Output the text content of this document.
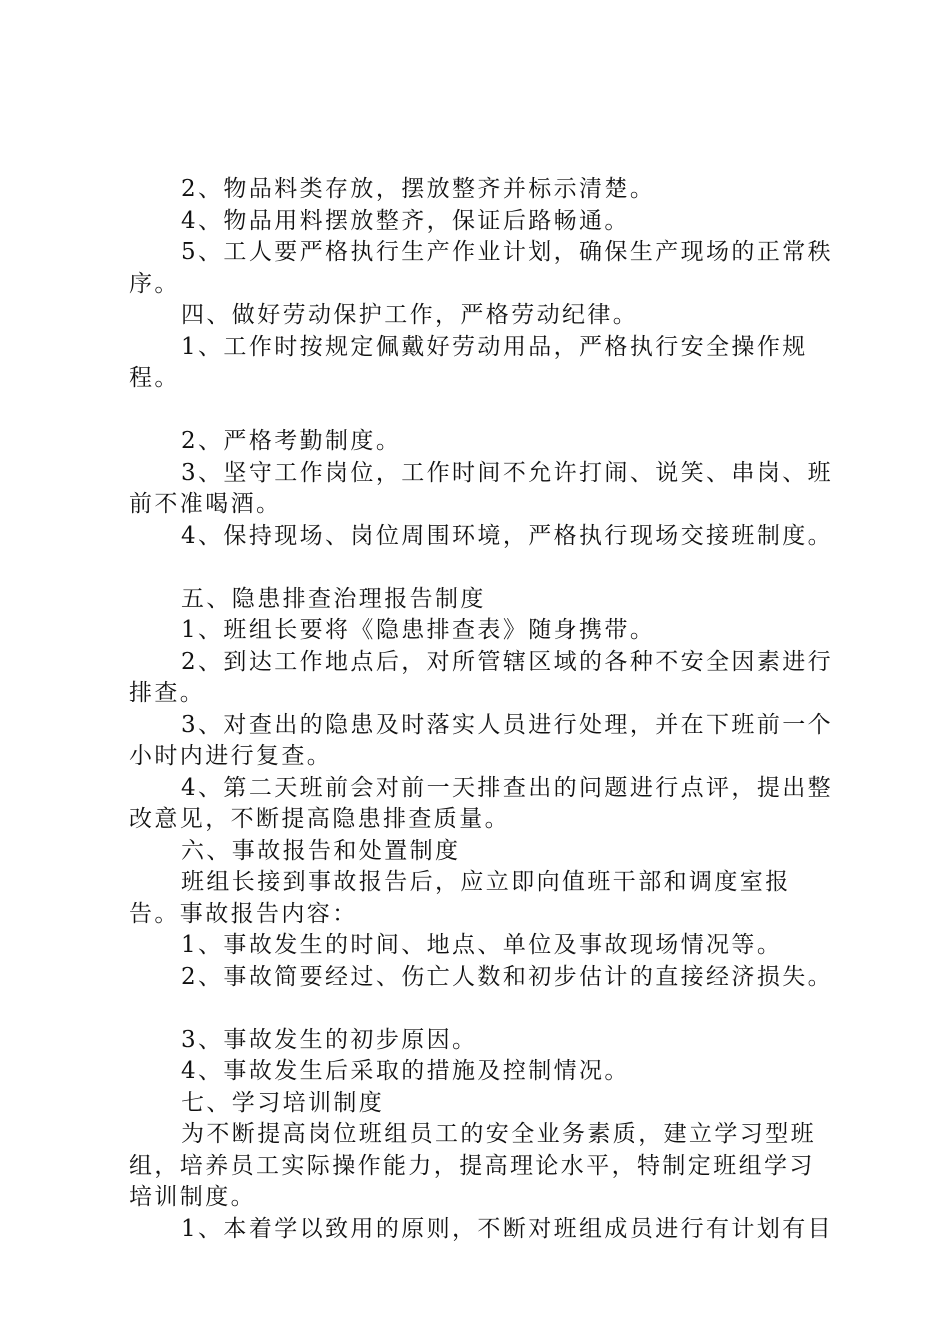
2、物品料类存放，摆放整齐并标示清楚。

4、物品用料摆放整齐，保证后路畅通。

5、工人要严格执行生产作业计划，确保生产现场的正常秩序。

四、做好劳动保护工作，严格劳动纪律。

1、工作时按规定佩戴好劳动用品，严格执行安全操作规程。

2、严格考勤制度。

3、坚守工作岗位，工作时间不允许打闹、说笑、串岗、班前不准喝酒。

4、保持现场、岗位周围环境，严格执行现场交接班制度。

五、隐患排查治理报告制度

1、班组长要将《隐患排查表》随身携带。

2、到达工作地点后，对所管辖区域的各种不安全因素进行排查。

3、对查出的隐患及时落实人员进行处理，并在下班前一个小时内进行复查。

4、第二天班前会对前一天排查出的问题进行点评，提出整改意见，不断提高隐患排查质量。

六、事故报告和处置制度

班组长接到事故报告后，应立即向值班干部和调度室报告。事故报告内容：

1、事故发生的时间、地点、单位及事故现场情况等。

2、事故简要经过、伤亡人数和初步估计的直接经济损失。

3、事故发生的初步原因。

4、事故发生后采取的措施及控制情况。

七、学习培训制度

为不断提高岗位班组员工的安全业务素质，建立学习型班组，培养员工实际操作能力，提高理论水平，特制定班组学习培训制度。

1、本着学以致用的原则，不断对班组成员进行有计划有目
